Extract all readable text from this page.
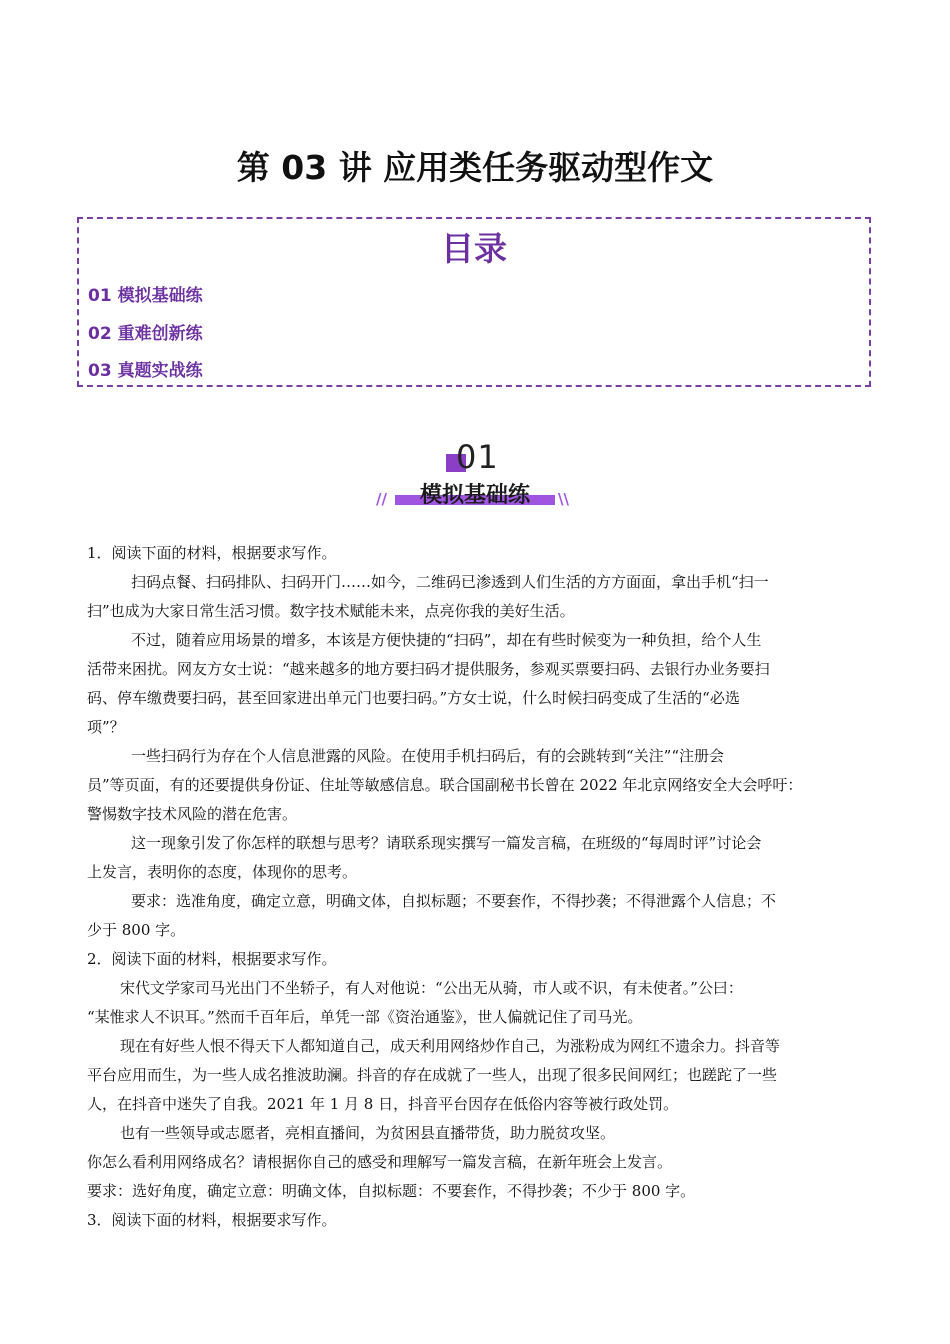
第 03 讲 应用类任务驱动型作文
目录
01 模拟基础练
02 重难创新练
03 真题实战练
01
//	\\
模拟基础练
1．阅读下面的材料，根据要求写作。
扫码点餐、扫码排队、扫码开门……如今，二维码已渗透到人们生活的方方面面，拿出手机“扫一
扫”也成为大家日常生活习惯。数字技术赋能未来，点亮你我的美好生活。
不过，随着应用场景的增多，本该是方便快捷的“扫码”，却在有些时候变为一种负担，给个人生
活带来困扰。网友方女士说：“越来越多的地方要扫码才提供服务，参观买票要扫码、去银行办业务要扫
码、停车缴费要扫码，甚至回家进出单元门也要扫码。”方女士说，什么时候扫码变成了生活的“必选
项”？
一些扫码行为存在个人信息泄露的风险。在使用手机扫码后，有的会跳转到“关注”“注册会
员”等页面，有的还要提供身份证、住址等敏感信息。联合国副秘书长曾在 2022 年北京网络安全大会呼吁：
警惕数字技术风险的潜在危害。
这一现象引发了你怎样的联想与思考？请联系现实撰写一篇发言稿，在班级的“每周时评”讨论会
上发言，表明你的态度，体现你的思考。
要求：选准角度，确定立意，明确文体，自拟标题；不要套作，不得抄袭；不得泄露个人信息；不
少于 800 字。
2．阅读下面的材料，根据要求写作。
宋代文学家司马光出门不坐轿子，有人对他说：“公出无从骑，市人或不识，有未使者。”公曰：
“某惟求人不识耳。”然而千百年后，单凭一部《资治通鉴》，世人偏就记住了司马光。
现在有好些人恨不得天下人都知道自己，成天利用网络炒作自己，为涨粉成为网红不遗余力。抖音等
平台应用而生，为一些人成名推波助澜。抖音的存在成就了一些人，出现了很多民间网红；也蹉跎了一些
人，在抖音中迷失了自我。2021 年 1 月 8 日，抖音平台因存在低俗内容等被行政处罚。
也有一些领导或志愿者，亮相直播间，为贫困县直播带货，助力脱贫攻坚。
你怎么看利用网络成名？请根据你自己的感受和理解写一篇发言稿，在新年班会上发言。
要求：选好角度，确定立意：明确文体，自拟标题：不要套作，不得抄袭；不少于 800 字。
3．阅读下面的材料，根据要求写作。
